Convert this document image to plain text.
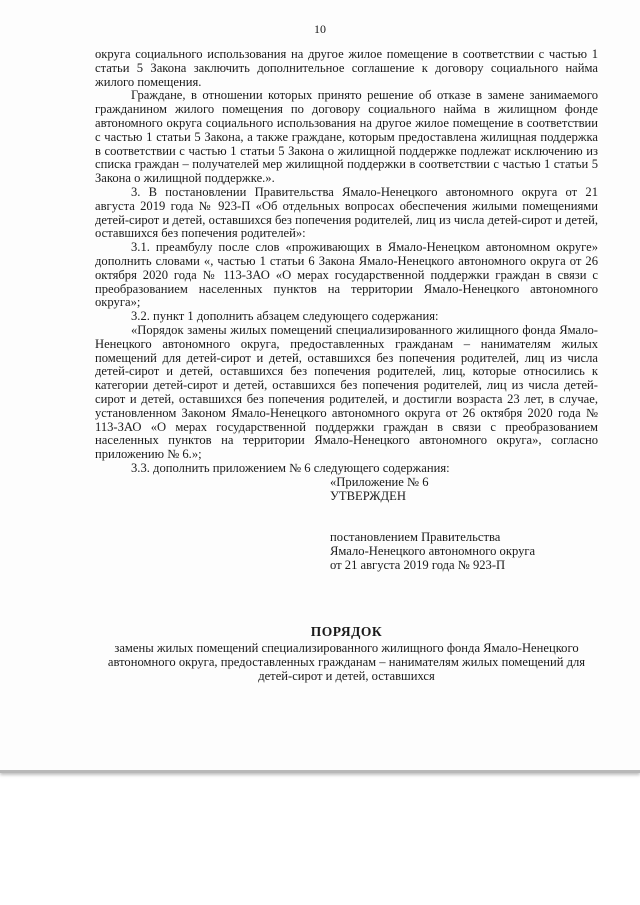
10

округа социального использования на другое жилое помещение в соответствии с частью 1 статьи 5 Закона заключить дополнительное соглашение к договору социального найма жилого помещения.

Граждане, в отношении которых принято решение об отказе в замене занимаемого гражданином жилого помещения по договору социального найма в жилищном фонде автономного округа социального использования на другое жилое помещение в соответствии с частью 1 статьи 5 Закона, а также граждане, которым предоставлена жилищная поддержка в соответствии с частью 1 статьи 5 Закона о жилищной поддержке подлежат исключению из списка граждан – получателей мер жилищной поддержки в соответствии с частью 1 статьи 5 Закона о жилищной поддержке.».

3. В постановлении Правительства Ямало-Ненецкого автономного округа от 21 августа 2019 года № 923-П «Об отдельных вопросах обеспечения жилыми помещениями детей-сирот и детей, оставшихся без попечения родителей, лиц из числа детей-сирот и детей, оставшихся без попечения родителей»:

3.1. преамбулу после слов «проживающих в Ямало-Ненецком автономном округе» дополнить словами «, частью 1 статьи 6 Закона Ямало-Ненецкого автономного округа от 26 октября 2020 года № 113-ЗАО «О мерах государственной поддержки граждан в связи с преобразованием населенных пунктов на территории Ямало-Ненецкого автономного округа»;

3.2. пункт 1 дополнить абзацем следующего содержания:

«Порядок замены жилых помещений специализированного жилищного фонда Ямало-Ненецкого автономного округа, предоставленных гражданам – нанимателям жилых помещений для детей-сирот и детей, оставшихся без попечения родителей, лиц из числа детей-сирот и детей, оставшихся без попечения родителей, лиц, которые относились к категории детей-сирот и детей, оставшихся без попечения родителей, лиц из числа детей-сирот и детей, оставшихся без попечения родителей, и достигли возраста 23 лет, в случае, установленном Законом Ямало-Ненецкого автономного округа от 26 октября 2020 года № 113-ЗАО «О мерах государственной поддержки граждан в связи с преобразованием населенных пунктов на территории Ямало-Ненецкого автономного округа», согласно приложению № 6.»;

3.3. дополнить приложением № 6 следующего содержания:

«Приложение № 6
УТВЕРЖДЕН
постановлением Правительства
Ямало-Ненецкого автономного округа
от 21 августа 2019 года № 923-П
ПОРЯДОК
замены жилых помещений специализированного жилищного фонда Ямало-Ненецкого автономного округа, предоставленных гражданам – нанимателям жилых помещений для детей-сирот и детей, оставшихся
